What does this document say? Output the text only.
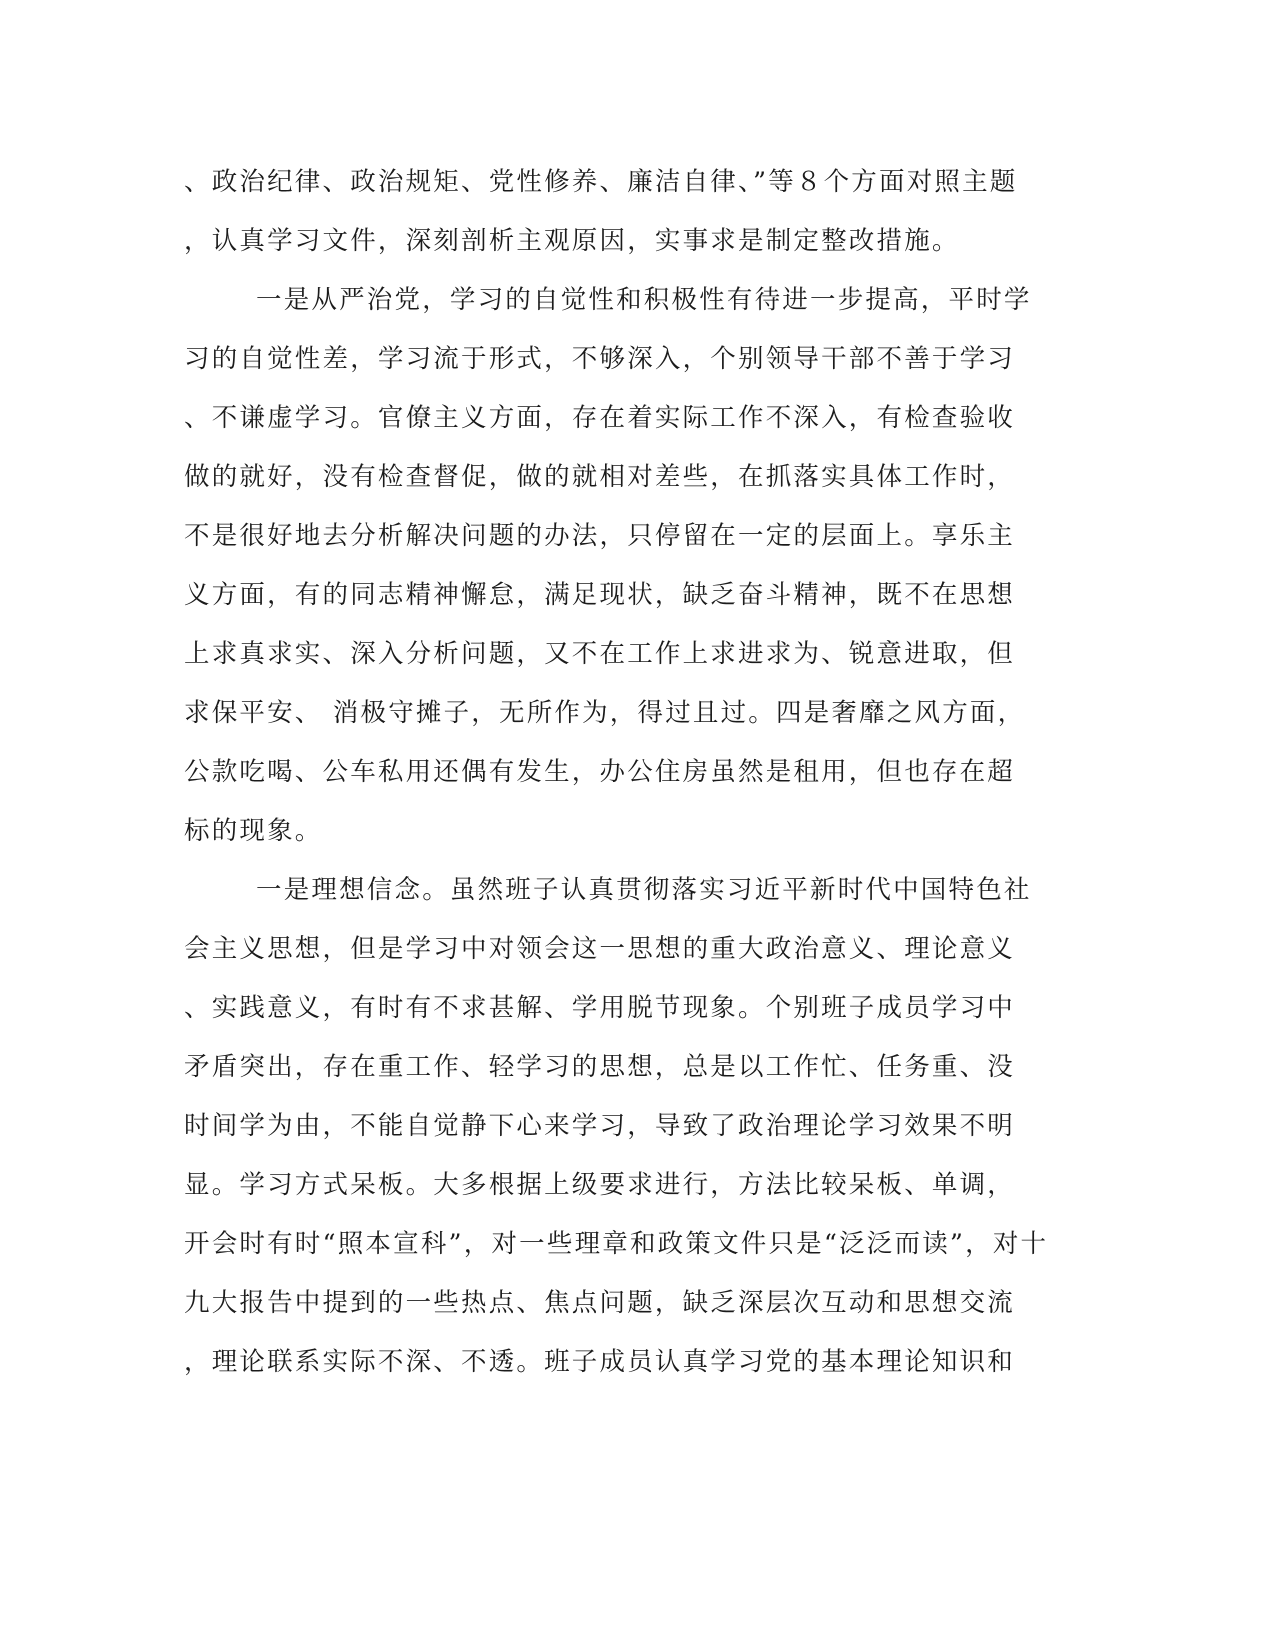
、政治纪律、政治规矩、党性修养、廉洁自律、”等８个方面对照主题
，认真学习文件，深刻剖析主观原因，实事求是制定整改措施。
一是从严治党，学习的自觉性和积极性有待进一步提高，平时学
习的自觉性差，学习流于形式，不够深入，个别领导干部不善于学习
、不谦虚学习。官僚主义方面，存在着实际工作不深入，有检查验收
做的就好，没有检查督促，做的就相对差些，在抓落实具体工作时，
不是很好地去分析解决问题的办法，只停留在一定的层面上。享乐主
义方面，有的同志精神懈怠，满足现状，缺乏奋斗精神，既不在思想
上求真求实、深入分析问题，又不在工作上求进求为、锐意进取，但
求保平安、 消极守摊子，无所作为，得过且过。四是奢靡之风方面，
公款吃喝、公车私用还偶有发生，办公住房虽然是租用，但也存在超
标的现象。
一是理想信念。虽然班子认真贯彻落实习近平新时代中国特色社
会主义思想，但是学习中对领会这一思想的重大政治意义、理论意义
、实践意义，有时有不求甚解、学用脱节现象。个别班子成员学习中
矛盾突出，存在重工作、轻学习的思想，总是以工作忙、任务重、没
时间学为由，不能自觉静下心来学习，导致了政治理论学习效果不明
显。学习方式呆板。大多根据上级要求进行，方法比较呆板、单调，
开会时有时“照本宣科”，对一些理章和政策文件只是“泛泛而读”，对十
九大报告中提到的一些热点、焦点问题，缺乏深层次互动和思想交流
，理论联系实际不深、不透。班子成员认真学习党的基本理论知识和
